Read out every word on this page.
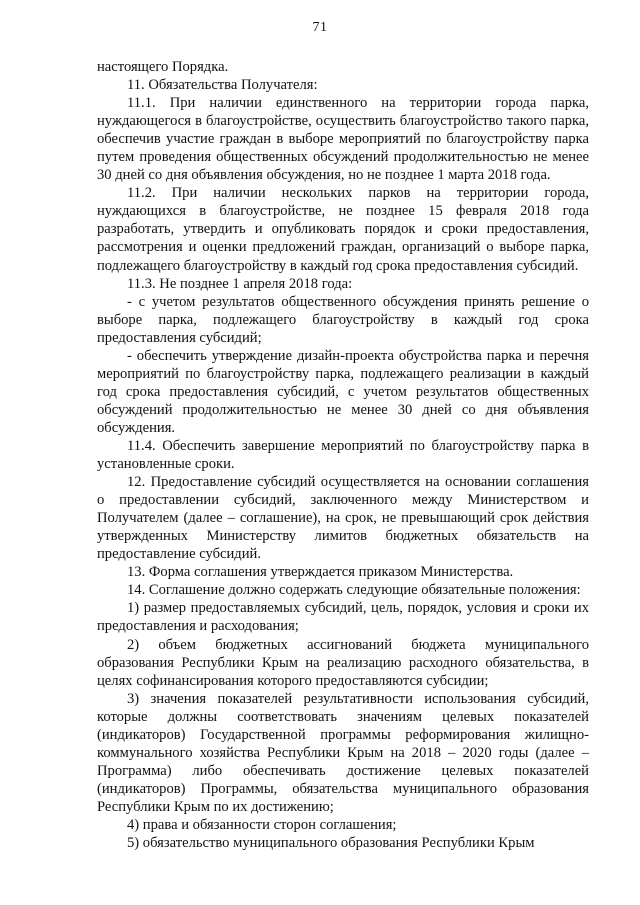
71

настоящего Порядка.

11. Обязательства Получателя:

11.1. При наличии единственного на территории города парка, нуждающегося в благоустройстве, осуществить благоустройство такого парка, обеспечив участие граждан в выборе мероприятий по благоустройству парка путем проведения общественных обсуждений продолжительностью не менее 30 дней со дня объявления обсуждения, но не позднее 1 марта 2018 года.

11.2. При наличии нескольких парков на территории города, нуждающихся в благоустройстве, не позднее 15 февраля 2018 года разработать, утвердить и опубликовать порядок и сроки предоставления, рассмотрения и оценки предложений граждан, организаций о выборе парка, подлежащего благоустройству в каждый год срока предоставления субсидий.

11.3. Не позднее 1 апреля 2018 года:

- с учетом результатов общественного обсуждения принять решение о выборе парка, подлежащего благоустройству в каждый год срока предоставления субсидий;

- обеспечить утверждение дизайн-проекта обустройства парка и перечня мероприятий по благоустройству парка, подлежащего реализации в каждый год срока предоставления субсидий, с учетом результатов общественных обсуждений продолжительностью не менее 30 дней со дня объявления обсуждения.

11.4. Обеспечить завершение мероприятий по благоустройству парка в установленные сроки.

12. Предоставление субсидий осуществляется на основании соглашения о предоставлении субсидий, заключенного между Министерством и Получателем (далее – соглашение), на срок, не превышающий срок действия утвержденных Министерству лимитов бюджетных обязательств на предоставление субсидий.

13. Форма соглашения утверждается приказом Министерства.

14. Соглашение должно содержать следующие обязательные положения:

1) размер предоставляемых субсидий, цель, порядок, условия и сроки их предоставления и расходования;

2) объем бюджетных ассигнований бюджета муниципального образования Республики Крым на реализацию расходного обязательства, в целях софинансирования которого предоставляются субсидии;

3) значения показателей результативности использования субсидий, которые должны соответствовать значениям целевых показателей (индикаторов) Государственной программы реформирования жилищно-коммунального хозяйства Республики Крым на 2018 – 2020 годы (далее – Программа) либо обеспечивать достижение целевых показателей (индикаторов) Программы, обязательства муниципального образования Республики Крым по их достижению;

4) права и обязанности сторон соглашения;

5) обязательство муниципального образования Республики Крым
